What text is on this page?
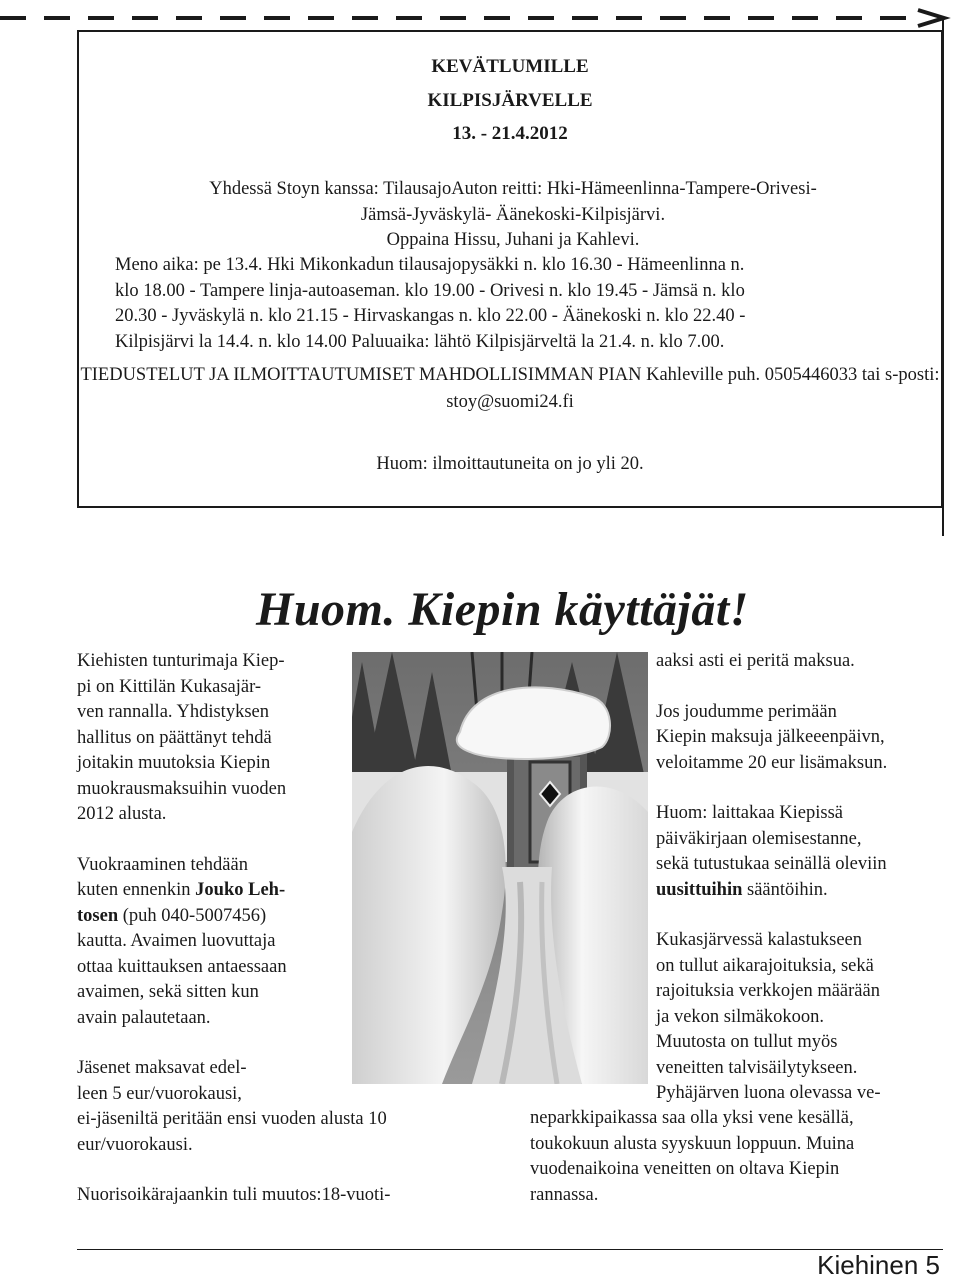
KEVÄTLUMILLE
KILPISJÄRVELLE
13. - 21.4.2012
Yhdessä Stoyn kanssa: TilausajoAuton reitti: Hki-Hämeenlinna-Tampere-Orivesi-
Jämsä-Jyväskylä- Äänekoski-Kilpisjärvi.
Oppaina Hissu, Juhani ja Kahlevi.
Meno aika: pe 13.4. Hki Mikonkadun tilausajopysäkki n. klo 16.30 - Hämeenlinna n.
klo 18.00 - Tampere linja-autoaseman. klo 19.00 - Orivesi n. klo 19.45 - Jämsä n. klo
20.30 - Jyväskylä n. klo 21.15 - Hirvaskangas n. klo 22.00 - Äänekoski n. klo 22.40 -
Kilpisjärvi la 14.4. n. klo 14.00 Paluuaika: lähtö Kilpisjärveltä la 21.4. n. klo 7.00.
TIEDUSTELUT JA ILMOITTAUTUMISET MAHDOLLISIMMAN PIAN Kahleville puh. 0505446033 tai s-posti: stoy@suomi24.fi
Huom: ilmoittautuneita on jo yli 20.
Huom. Kiepin käyttäjät!
Kiehisten tunturimaja Kiep-
pi on Kittilän Kukasajär-
ven rannalla. Yhdistyksen
hallitus on päättänyt tehdä
joitakin muutoksia Kiepin
muokrausmaksuihin vuoden
2012 alusta.
Vuokraaminen tehdään
kuten ennenkin Jouko Leh-
tosen (puh 040-5007456)
kautta. Avaimen luovuttaja
ottaa kuittauksen antaessaan
avaimen, sekä sitten kun
avain palautetaan.
Jäsenet maksavat edel-
leen 5 eur/vuorokausi,
ei-jäseniltä peritään ensi vuoden alusta 10
eur/vuorokausi.
Nuorisoikärajaankin tuli muutos:18-vuoti-
aaksi asti ei peritä maksua.
Jos joudumme perimään
Kiepin maksuja jälkeeenpäivn,
veloitamme 20 eur lisämaksun.
Huom: laittakaa Kiepissä
päiväkirjaan olemisestanne,
sekä tutustukaa seinällä oleviin
uusittuihin sääntöihin.
Kukasjärvessä kalastukseen
on tullut aikarajoituksia, sekä
rajoituksia verkkojen määrään
ja vekon silmäkokoon.
Muutosta on tullut myös
veneitten talvisäilytykseen.
Pyhäjärven luona olevassa ve-
neparkkipaikassa saa olla yksi vene kesällä,
toukokuun alusta syyskuun loppuun. Muina
vuodenaikoina veneitten on oltava Kiepin
rannassa.
Kiehinen 5
